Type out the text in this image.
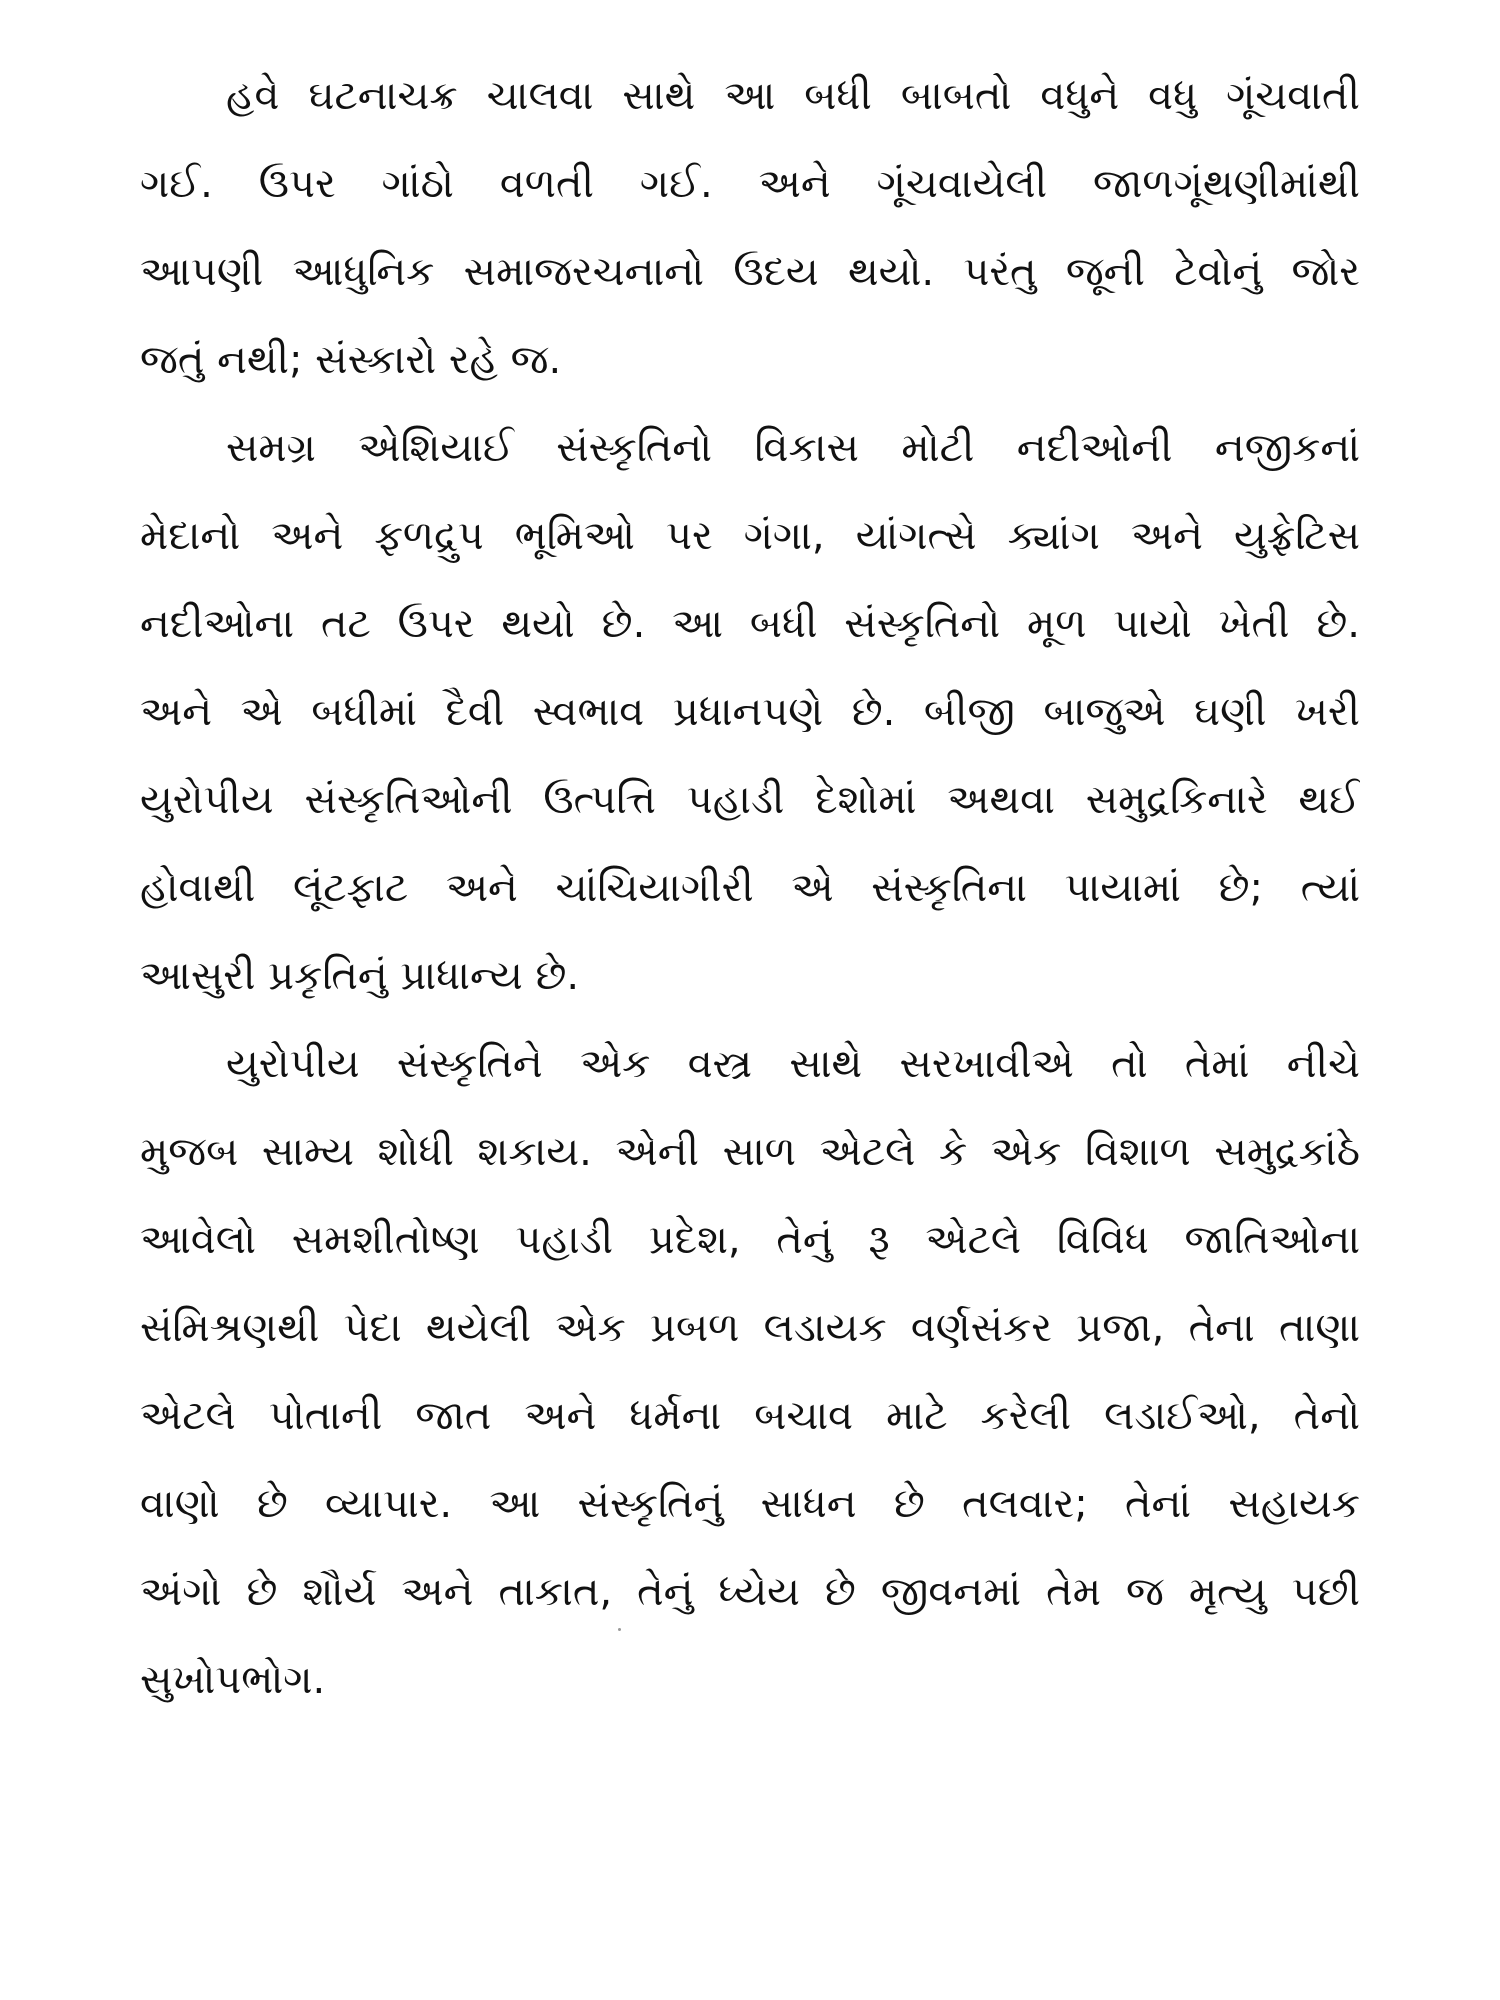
હવે ઘટનાચક્ર ચાલવા સાથે આ બધી બાબતો વધુને વધુ ગૂંચવાતી
ગઈ. ઉપર ગાંઠો વળતી ગઈ. અને ગૂંચવાયેલી જાળગૂંથણીમાંથી
આપણી આધુનિક સમાજરચનાનો ઉદય થયો. પરંતુ જૂની ટેવોનું જોર
જતું નથી; સંસ્કારો રહે જ.
સમગ્ર એશિયાઈ સંસ્કૃતિનો વિકાસ મોટી નદીઓની નજીકનાં
મેદાનો અને ફળદ્રુપ ભૂમિઓ પર ગંગા, યાંગત્સે ક્યાંગ અને યુફ્રેટિસ
નદીઓના તટ ઉપર થયો છે. આ બધી સંસ્કૃતિનો મૂળ પાયો ખેતી છે.
અને એ બધીમાં દૈવી સ્વભાવ પ્રધાનપણે છે. બીજી બાજુએ ઘણી ખરી
યુરોપીય સંસ્કૃતિઓની ઉત્પત્તિ પહાડી દેશોમાં અથવા સમુદ્રકિનારે થઈ
હોવાથી લૂંટફાટ અને ચાંચિયાગીરી એ સંસ્કૃતિના પાયામાં છે; ત્યાં
આસુરી પ્રકૃતિનું પ્રાધાન્ય છે.
યુરોપીય સંસ્કૃતિને એક વસ્ત્ર સાથે સરખાવીએ તો તેમાં નીચે
મુજબ સામ્ય શોધી શકાય. એની સાળ એટલે કે એક વિશાળ સમુદ્રકાંઠે
આવેલો સમશીતોષ્ણ પહાડી પ્રદેશ, તેનું રૂ એટલે વિવિધ જાતિઓના
સંમિશ્રણથી પેદા થયેલી એક પ્રબળ લડાયક વર્ણસંકર પ્રજા, તેના તાણા
એટલે પોતાની જાત અને ધર્મના બચાવ માટે કરેલી લડાઈઓ, તેનો
વાણો છે વ્યાપાર. આ સંસ્કૃતિનું સાધન છે તલવાર; તેનાં સહાયક
અંગો છે શૌર્ય અને તાકાત, તેનું ધ્યેય છે જીવનમાં તેમ જ મૃત્યુ પછી
સુખોપભોગ.
